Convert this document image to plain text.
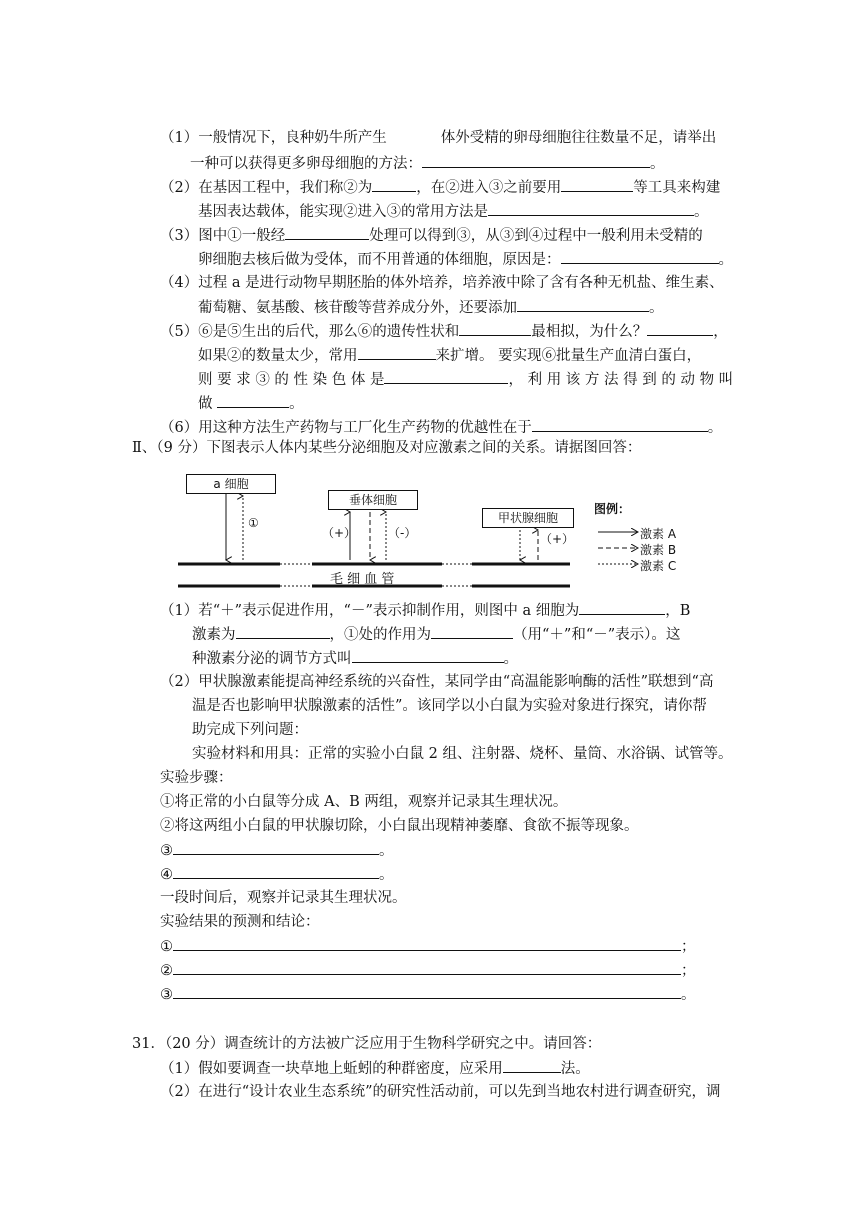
（1）一般情况下，良种奶牛所产生	体外受精的卵母细胞往往数量不足，请举出
一种可以获得更多卵母细胞的方法：	。
（2）在基因工程中，我们称②为	，在②进入③之前要用	等工具来构建
基因表达载体，能实现②进入③的常用方法是	。
（3）图中①一般经	处理可以得到③，从③到④过程中一般利用未受精的
卵细胞去核后做为受体，而不用普通的体细胞，原因是：	。
（4）过程 a 是进行动物早期胚胎的体外培养，培养液中除了含有各种无机盐、维生素、
葡萄糖、氨基酸、核苷酸等营养成分外，还要添加	。
（5）⑥是⑤生出的后代，那么⑥的遗传性状和	最相拟，为什么？	，
如果②的数量太少，常用	来扩增。 要实现⑥批量生产血清白蛋白，
则 要 求 ③ 的 性 染 色 体 是	， 利 用 该 方 法 得 到 的 动 物 叫
做	。
（6）用这种方法生产药物与工厂化生产药物的优越性在于	。
Ⅱ、（9 分）下图表示人体内某些分泌细胞及对应激素之间的关系。请据图回答：
a 细胞
垂体细胞
甲状腺细胞
①
（+）	（-）	（+）
毛 细 血 管
图例：
激素 A
激素 B
激素 C
（1）若“＋”表示促进作用，“－”表示抑制作用，则图中 a 细胞为	，B
激素为	，①处的作用为	（用“＋”和“－”表示）。这
种激素分泌的调节方式叫	。
（2）甲状腺激素能提高神经系统的兴奋性，某同学由“高温能影响酶的活性”联想到“高
温是否也影响甲状腺激素的活性”。该同学以小白鼠为实验对象进行探究，请你帮
助完成下列问题：
实验材料和用具：正常的实验小白鼠 2 组、注射器、烧杯、量筒、水浴锅、试管等。
实验步骤：
①将正常的小白鼠等分成 A、B 两组，观察并记录其生理状况。
②将这两组小白鼠的甲状腺切除，小白鼠出现精神萎靡、食欲不振等现象。
③	。
④	。
一段时间后，观察并记录其生理状况。
实验结果的预测和结论：
①	；
②	；
③	。
31．（20 分）调查统计的方法被广泛应用于生物科学研究之中。请回答：
（1）假如要调查一块草地上蚯蚓的种群密度，应采用	法。
（2）在进行“设计农业生态系统”的研究性活动前，可以先到当地农村进行调查研究，调
